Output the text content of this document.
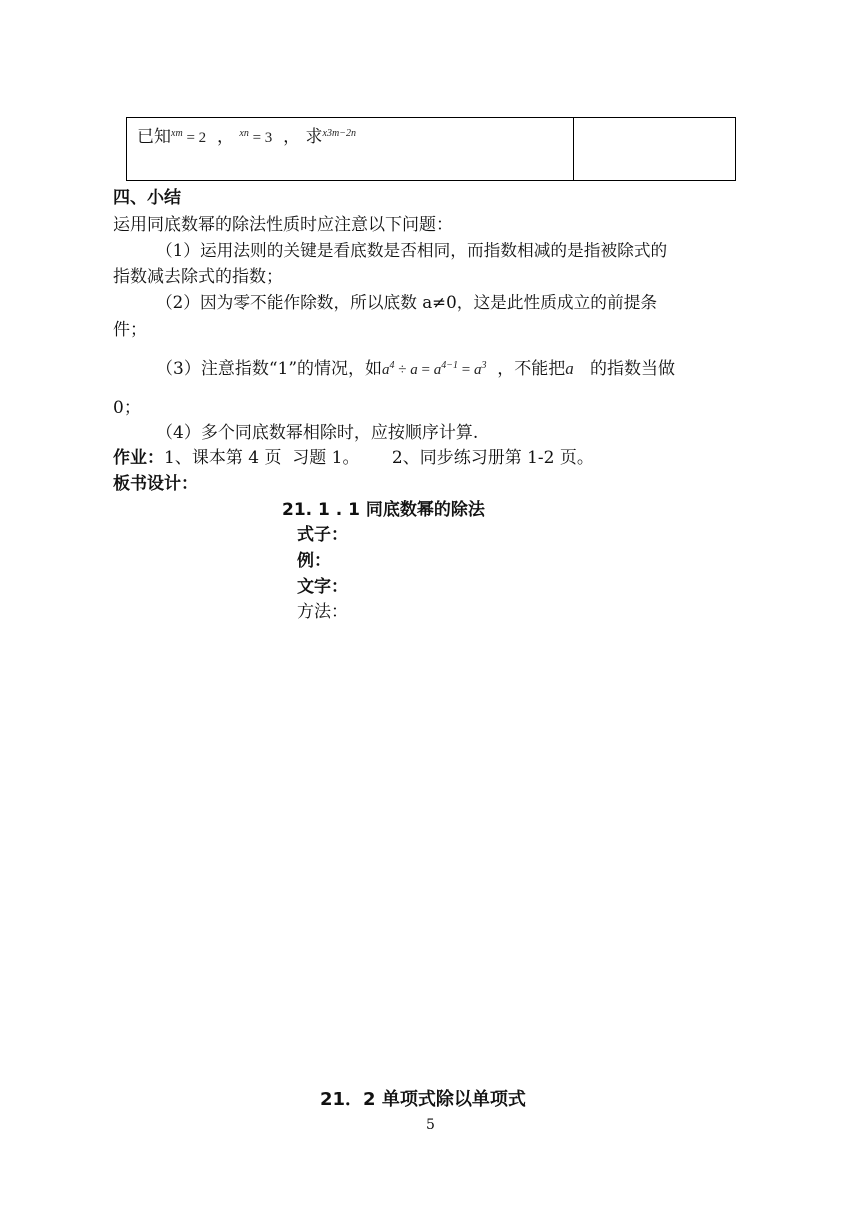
已知$^{xm}$ = 2 ， $^{xn}$ = 3 ， 求$^{x3m-2n}$	
四、小结
运用同底数幂的除法性质时应注意以下问题：
（1）运用法则的关键是看底数是否相同，而指数相减的是指被除式的
指数减去除式的指数；
（2）因为零不能作除数，所以底数 a≠0，这是此性质成立的前提条
件；
（3）注意指数“1”的情况，如$a^4 \div a = a^{4-1} = a^3$ ，不能把a 的指数当做
0；
（4）多个同底数幂相除时，应按顺序计算.
作业：1、课本第 4 页  习题 1。      2、同步练习册第 1-2 页。
板书设计：
21. 1 . 1 同底数幂的除法
式子：
例：
文字：
方法：
21．2 单项式除以单项式
5
